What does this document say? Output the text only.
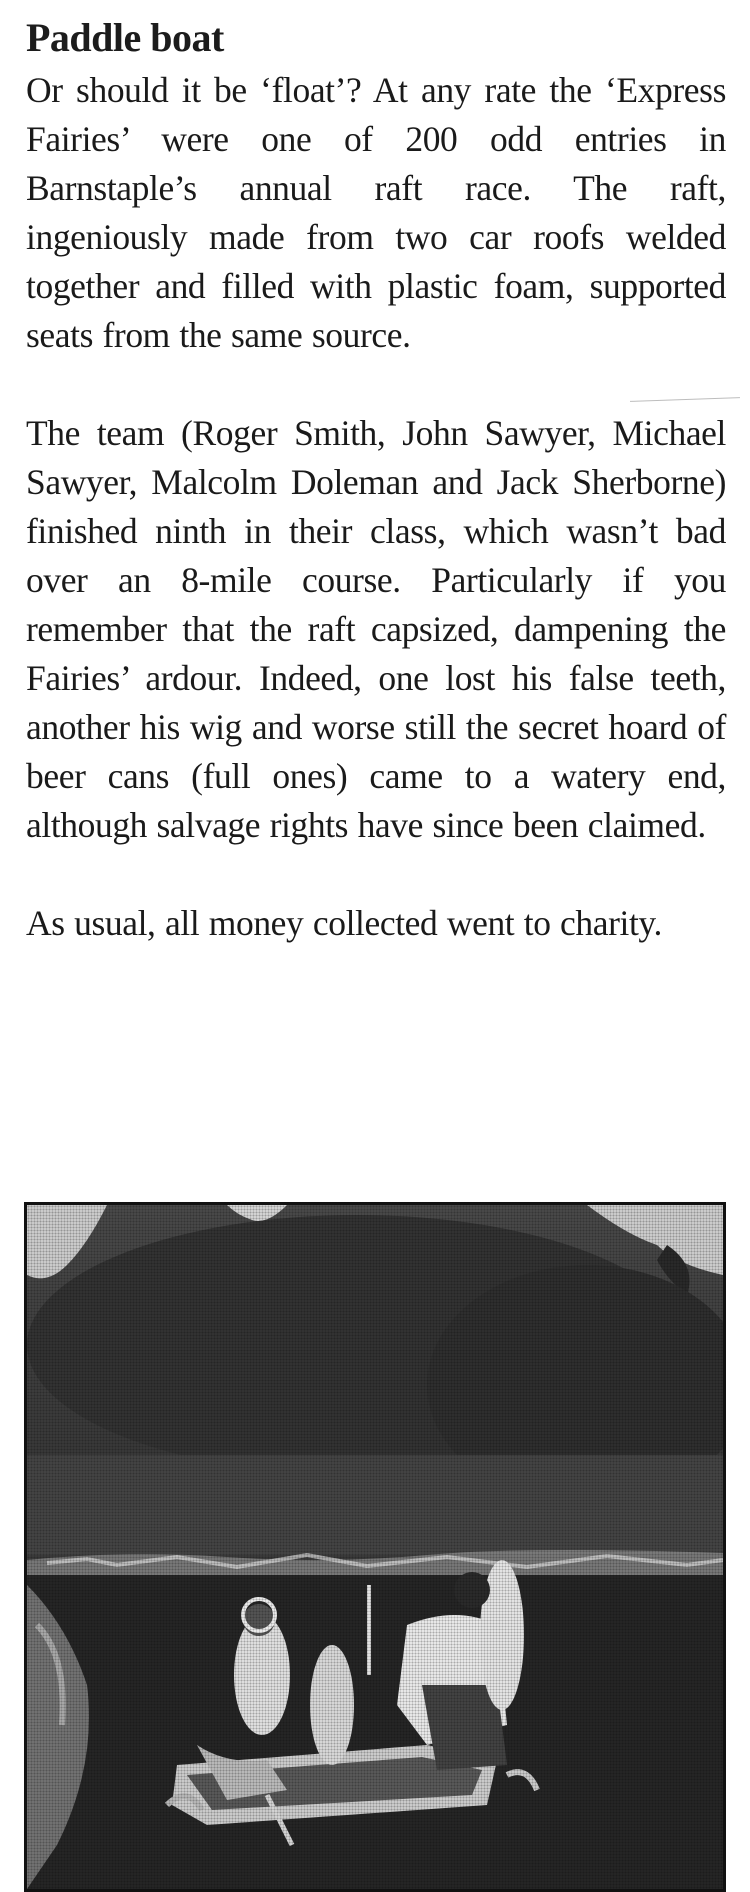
Paddle boat

Or should it be ‘float’? At any rate the ‘Express Fairies’ were one of 200 odd entries in Barnstaple’s annual raft race. The raft, ingeniously made from two car roofs welded together and filled with plastic foam, supported seats from the same source.

The team (Roger Smith, John Sawyer, Michael Sawyer, Malcolm Doleman and Jack Sherborne) finished ninth in their class, which wasn’t bad over an 8-mile course. Particularly if you remember that the raft capsized, dampening the Fairies’ ardour. Indeed, one lost his false teeth, another his wig and worse still the secret hoard of beer cans (full ones) came to a watery end, although salvage rights have since been claimed.

As usual, all money collected went to charity.
